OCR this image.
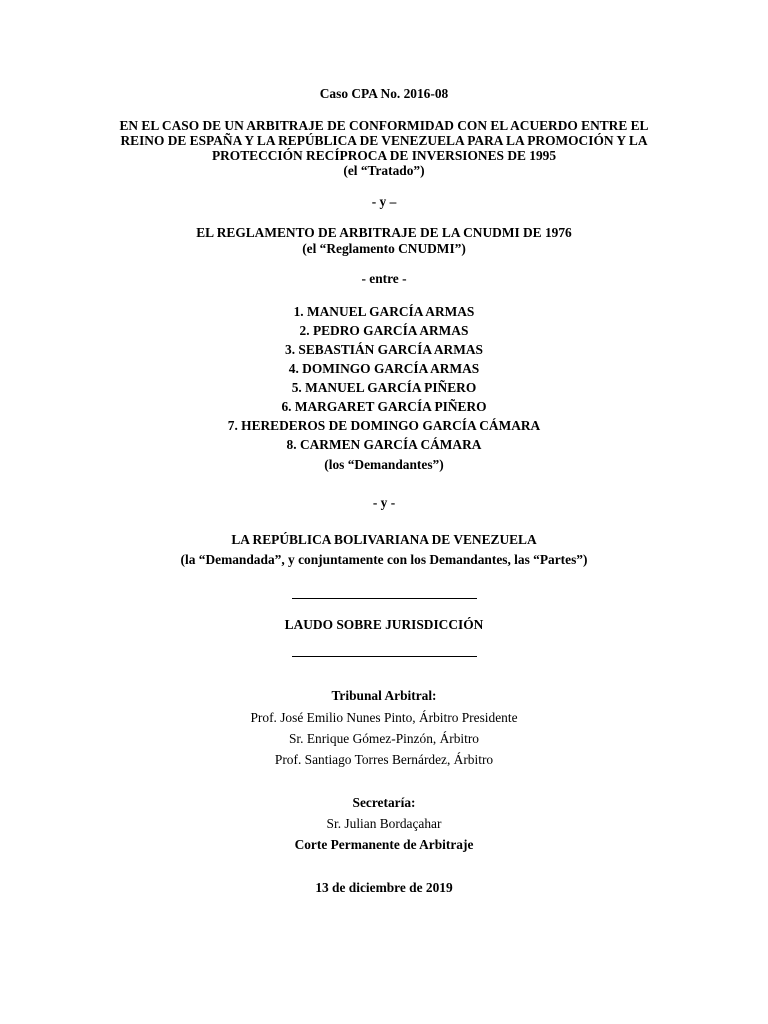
Caso CPA No. 2016-08
EN EL CASO DE UN ARBITRAJE DE CONFORMIDAD CON EL ACUERDO ENTRE EL
REINO DE ESPAÑA Y LA REPÚBLICA DE VENEZUELA PARA LA PROMOCIÓN Y LA
PROTECCIÓN RECÍPROCA DE INVERSIONES DE 1995
(el “Tratado”)
- y –
EL REGLAMENTO DE ARBITRAJE DE LA CNUDMI DE 1976
(el “Reglamento CNUDMI”)
- entre -
1. MANUEL GARCÍA ARMAS
2. PEDRO GARCÍA ARMAS
3. SEBASTIÁN GARCÍA ARMAS
4. DOMINGO GARCÍA ARMAS
5. MANUEL GARCÍA PIÑERO
6. MARGARET GARCÍA PIÑERO
7. HEREDEROS DE DOMINGO GARCÍA CÁMARA
8. CARMEN GARCÍA CÁMARA
(los “Demandantes”)
- y -
LA REPÚBLICA BOLIVARIANA DE VENEZUELA
(la “Demandada”, y conjuntamente con los Demandantes, las “Partes”)
LAUDO SOBRE JURISDICCIÓN
Tribunal Arbitral:
Prof. José Emilio Nunes Pinto, Árbitro Presidente
Sr. Enrique Gómez-Pinzón, Árbitro
Prof. Santiago Torres Bernárdez, Árbitro
Secretaría:
Sr. Julian Bordaçahar
Corte Permanente de Arbitraje
13 de diciembre de 2019
